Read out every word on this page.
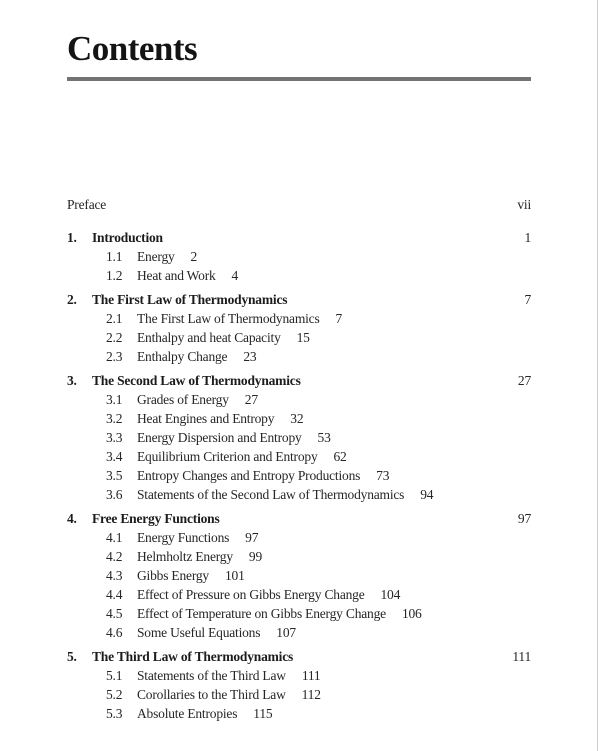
Contents
Preface	vii
1.	Introduction	1
1.1	Energy 2
1.2	Heat and Work 4
2.	The First Law of Thermodynamics	7
2.1	The First Law of Thermodynamics 7
2.2	Enthalpy and heat Capacity 15
2.3	Enthalpy Change 23
3.	The Second Law of Thermodynamics	27
3.1	Grades of Energy 27
3.2	Heat Engines and Entropy 32
3.3	Energy Dispersion and Entropy 53
3.4	Equilibrium Criterion and Entropy 62
3.5	Entropy Changes and Entropy Productions 73
3.6	Statements of the Second Law of Thermodynamics 94
4.	Free Energy Functions	97
4.1	Energy Functions 97
4.2	Helmholtz Energy 99
4.3	Gibbs Energy 101
4.4	Effect of Pressure on Gibbs Energy Change 104
4.5	Effect of Temperature on Gibbs Energy Change 106
4.6	Some Useful Equations 107
5.	The Third Law of Thermodynamics	111
5.1	Statements of the Third Law 111
5.2	Corollaries to the Third Law 112
5.3	Absolute Entropies 115
